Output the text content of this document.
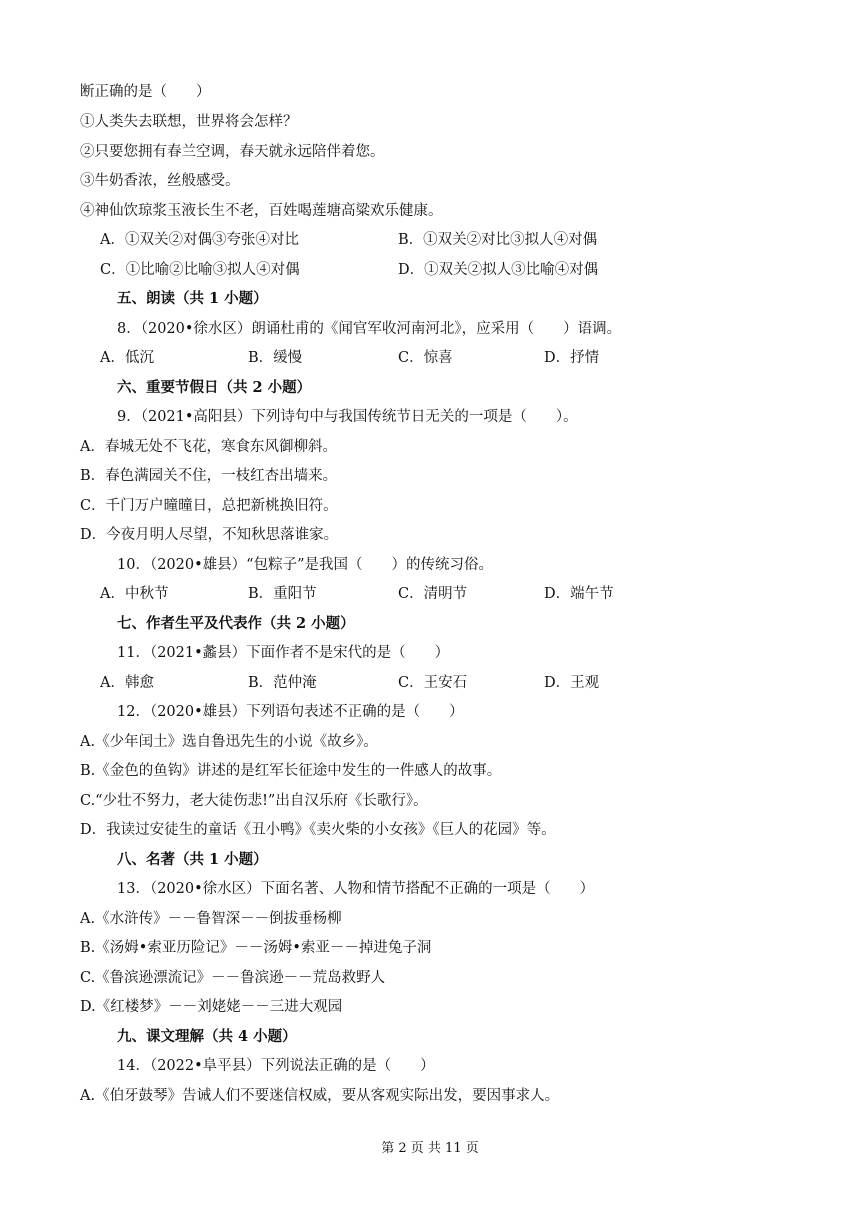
断正确的是（　　）
①人类失去联想，世界将会怎样？
②只要您拥有春兰空调，春天就永远陪伴着您。
③牛奶香浓，丝般感受。
④神仙饮琼浆玉液长生不老，百姓喝莲塘高粱欢乐健康。
A．①双关②对偶③夸张④对比	B．①双关②对比③拟人④对偶
C．①比喻②比喻③拟人④对偶	D．①双关②拟人③比喻④对偶
五、朗读（共 1 小题）
8．（2020•徐水区）朗诵杜甫的《闻官军收河南河北》，应采用（　　）语调。
A．低沉	B．缓慢	C．惊喜	D．抒情
六、重要节假日（共 2 小题）
9．（2021•高阳县）下列诗句中与我国传统节日无关的一项是（　　）。
A．春城无处不飞花，寒食东风御柳斜。
B．春色满园关不住，一枝红杏出墙来。
C．千门万户曈曈日，总把新桃换旧符。
D．今夜月明人尽望，不知秋思落谁家。
10．（2020•雄县）“包粽子”是我国（　　）的传统习俗。
A．中秋节	B．重阳节	C．清明节	D．端午节
七、作者生平及代表作（共 2 小题）
11．（2021•蠡县）下面作者不是宋代的是（　　）
A．韩愈	B．范仲淹	C．王安石	D．王观
12．（2020•雄县）下列语句表述不正确的是（　　）
A.《少年闰土》选自鲁迅先生的小说《故乡》。
B.《金色的鱼钩》讲述的是红军长征途中发生的一件感人的故事。
C.“少壮不努力，老大徒伤悲!”出自汉乐府《长歌行》。
D．我读过安徒生的童话《丑小鸭》《卖火柴的小女孩》《巨人的花园》等。
八、名著（共 1 小题）
13．（2020•徐水区）下面名著、人物和情节搭配不正确的一项是（　　）
A.《水浒传》－－鲁智深－－倒拔垂杨柳
B.《汤姆•索亚历险记》－－汤姆•索亚－－掉进兔子洞
C.《鲁滨逊漂流记》－－鲁滨逊－－荒岛救野人
D.《红楼梦》－－刘姥姥－－三进大观园
九、课文理解（共 4 小题）
14．（2022•阜平县）下列说法正确的是（　　）
A.《伯牙鼓琴》告诫人们不要迷信权威，要从客观实际出发，要因事求人。
第 2 页 共 11 页
